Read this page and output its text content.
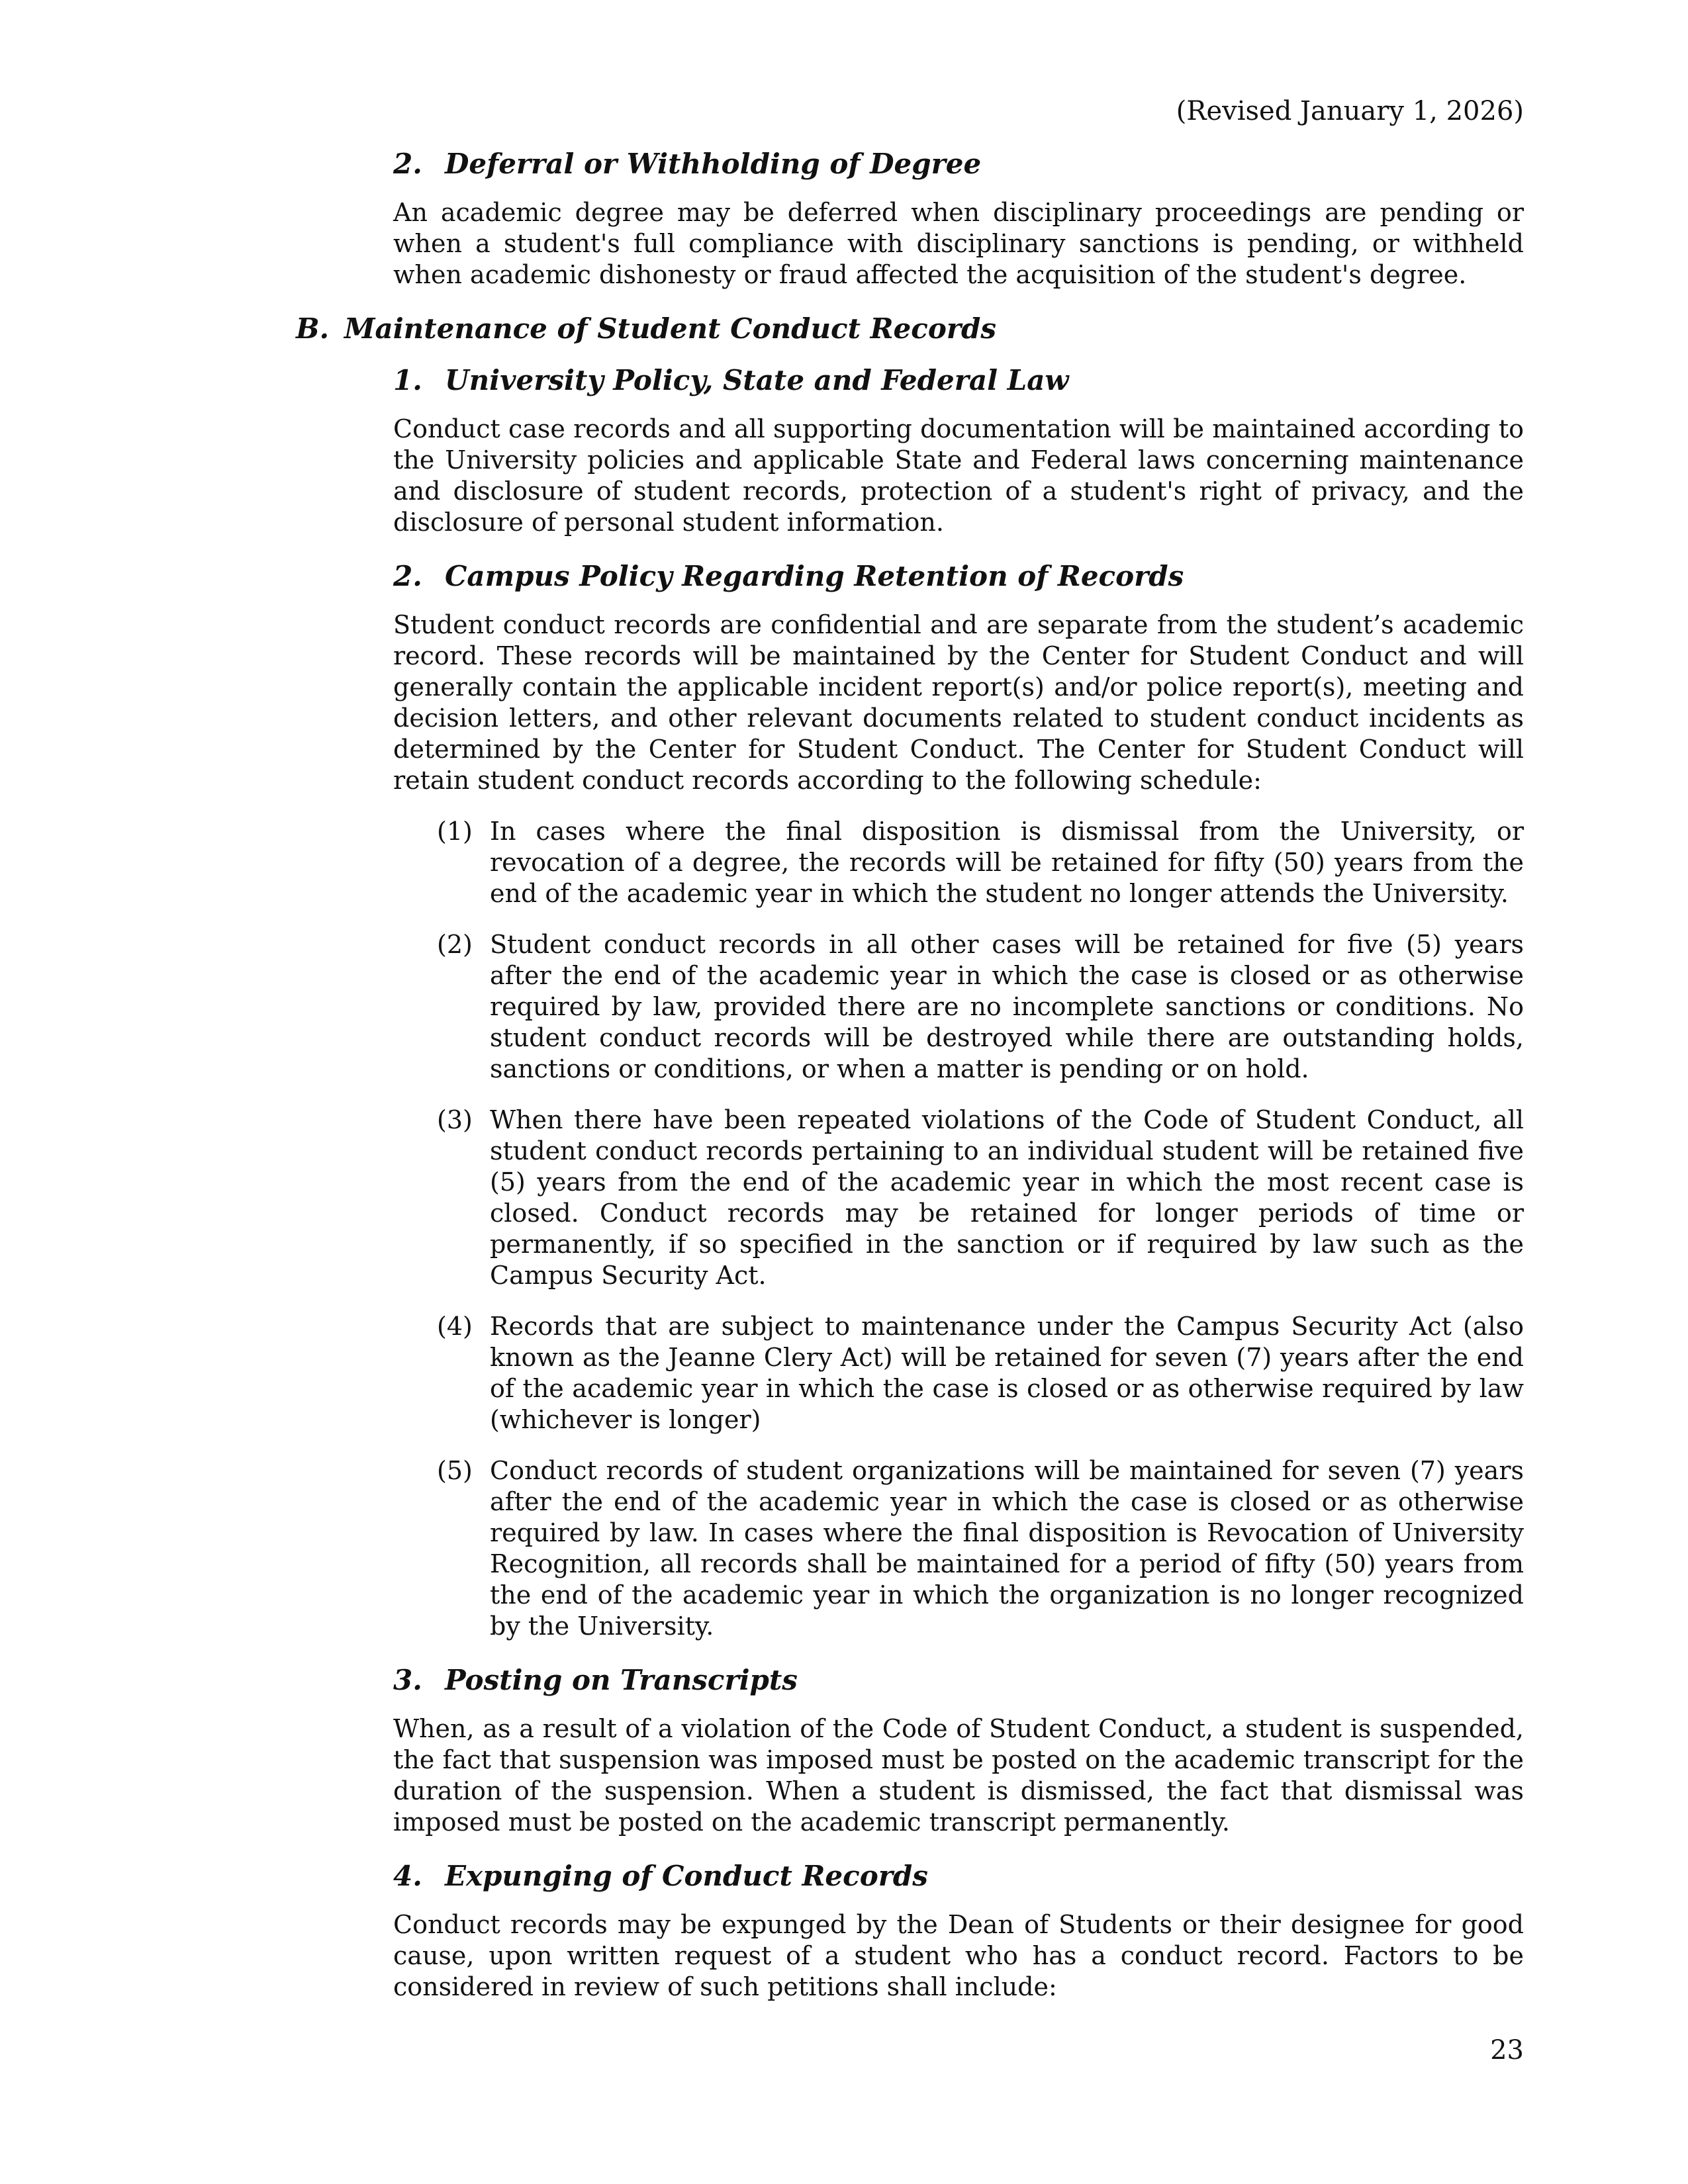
(Revised January 1, 2026)
2. Deferral or Withholding of Degree
An academic degree may be deferred when disciplinary proceedings are pending or when a student's full compliance with disciplinary sanctions is pending, or withheld when academic dishonesty or fraud affected the acquisition of the student's degree.
B. Maintenance of Student Conduct Records
1. University Policy, State and Federal Law
Conduct case records and all supporting documentation will be maintained according to the University policies and applicable State and Federal laws concerning maintenance and disclosure of student records, protection of a student's right of privacy, and the disclosure of personal student information.
2. Campus Policy Regarding Retention of Records
Student conduct records are confidential and are separate from the student’s academic record. These records will be maintained by the Center for Student Conduct and will generally contain the applicable incident report(s) and/or police report(s), meeting and decision letters, and other relevant documents related to student conduct incidents as determined by the Center for Student Conduct. The Center for Student Conduct will retain student conduct records according to the following schedule:
(1) In cases where the final disposition is dismissal from the University, or revocation of a degree, the records will be retained for fifty (50) years from the end of the academic year in which the student no longer attends the University.
(2) Student conduct records in all other cases will be retained for five (5) years after the end of the academic year in which the case is closed or as otherwise required by law, provided there are no incomplete sanctions or conditions. No student conduct records will be destroyed while there are outstanding holds, sanctions or conditions, or when a matter is pending or on hold.
(3) When there have been repeated violations of the Code of Student Conduct, all student conduct records pertaining to an individual student will be retained five (5) years from the end of the academic year in which the most recent case is closed. Conduct records may be retained for longer periods of time or permanently, if so specified in the sanction or if required by law such as the Campus Security Act.
(4) Records that are subject to maintenance under the Campus Security Act (also known as the Jeanne Clery Act) will be retained for seven (7) years after the end of the academic year in which the case is closed or as otherwise required by law (whichever is longer)
(5) Conduct records of student organizations will be maintained for seven (7) years after the end of the academic year in which the case is closed or as otherwise required by law. In cases where the final disposition is Revocation of University Recognition, all records shall be maintained for a period of fifty (50) years from the end of the academic year in which the organization is no longer recognized by the University.
3. Posting on Transcripts
When, as a result of a violation of the Code of Student Conduct, a student is suspended, the fact that suspension was imposed must be posted on the academic transcript for the duration of the suspension. When a student is dismissed, the fact that dismissal was imposed must be posted on the academic transcript permanently.
4. Expunging of Conduct Records
Conduct records may be expunged by the Dean of Students or their designee for good cause, upon written request of a student who has a conduct record. Factors to be considered in review of such petitions shall include:
23
